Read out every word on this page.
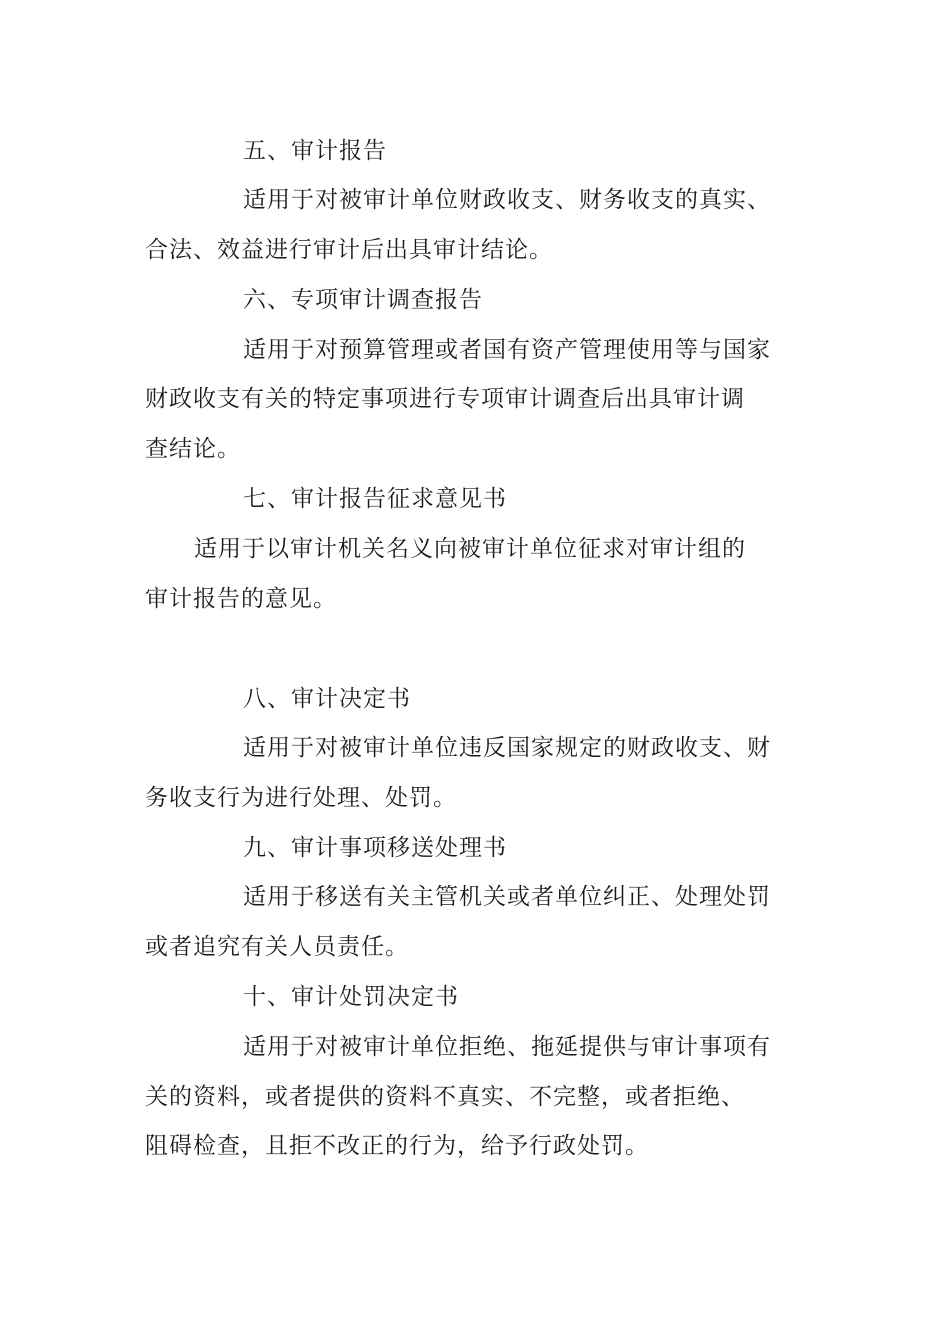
五、审计报告
适用于对被审计单位财政收支、财务收支的真实、
合法、效益进行审计后出具审计结论。
六、专项审计调查报告
适用于对预算管理或者国有资产管理使用等与国家
财政收支有关的特定事项进行专项审计调查后出具审计调
查结论。
七、审计报告征求意见书
适用于以审计机关名义向被审计单位征求对审计组的
审计报告的意见。
八、审计决定书
适用于对被审计单位违反国家规定的财政收支、财
务收支行为进行处理、处罚。
九、审计事项移送处理书
适用于移送有关主管机关或者单位纠正、处理处罚
或者追究有关人员责任。
十、审计处罚决定书
适用于对被审计单位拒绝、拖延提供与审计事项有
关的资料，或者提供的资料不真实、不完整，或者拒绝、
阻碍检查，且拒不改正的行为，给予行政处罚。
